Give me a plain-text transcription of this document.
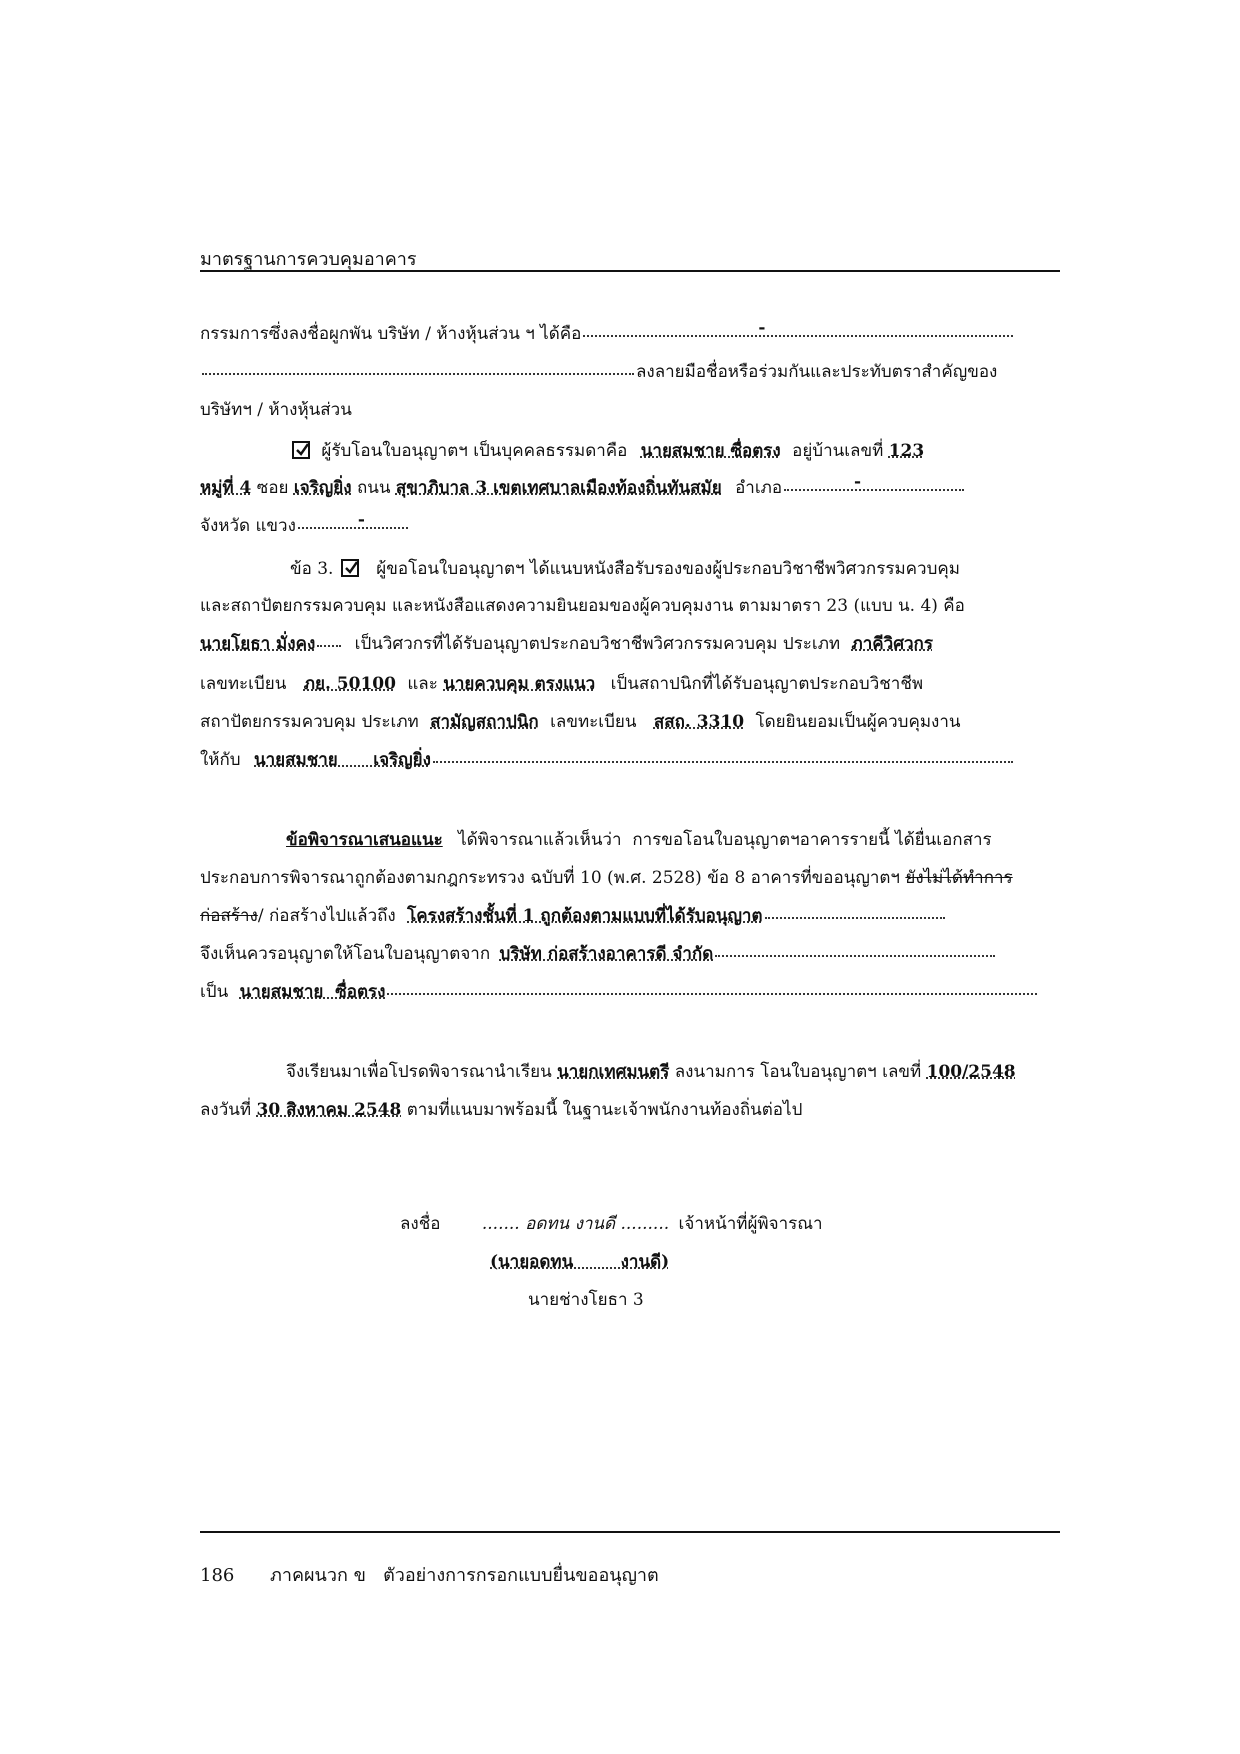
มาตรฐานการควบคุมอาคาร
กรรมการซึ่งลงชื่อผูกพัน บริษัท / ห้างหุ้นส่วน ฯ ได้คือ	-
ลงลายมือชื่อหรือร่วมกันและประทับตราสำคัญของ
บริษัทฯ / ห้างหุ้นส่วน
ผู้รับโอนใบอนุญาตฯ เป็นบุคคลธรรมดาคือ นายสมชาย ซื่อตรง อยู่บ้านเลขที่ 123
หมู่ที่ 4 ซอย เจริญยิ่ง ถนน สุขาภิบาล 3 เขตเทศบาลเมืองท้องถิ่นทันสมัย อำเภอ	-
จังหวัด แขวง	-
ข้อ 3.	ผู้ขอโอนใบอนุญาตฯ ได้แนบหนังสือรับรองของผู้ประกอบวิชาชีพวิศวกรรมควบคุม
และสถาปัตยกรรมควบคุม และหนังสือแสดงความยินยอมของผู้ควบคุมงาน ตามมาตรา 23 (แบบ น. 4) คือ
นายโยธา มั่งคง เป็นวิศวกรที่ได้รับอนุญาตประกอบวิชาชีพวิศวกรรมควบคุม ประเภท ภาคีวิศวกร
เลขทะเบียน ภย. 50100 และ นายควบคุม ตรงแนว เป็นสถาปนิกที่ได้รับอนุญาตประกอบวิชาชีพ
สถาปัตยกรรมควบคุม ประเภท สามัญสถาปนิก เลขทะเบียน สสถ. 3310 โดยยินยอมเป็นผู้ควบคุมงาน
ให้กับ นายสมชาย      เจริญยิ่ง
ข้อพิจารณาเสนอแนะ ได้พิจารณาแล้วเห็นว่า  การขอโอนใบอนุญาตฯอาคารรายนี้ ได้ยื่นเอกสาร
ประกอบการพิจารณาถูกต้องตามกฎกระทรวง ฉบับที่ 10 (พ.ศ. 2528) ข้อ 8 อาคารที่ขออนุญาตฯ ยังไม่ได้ทำการ
ก่อสร้าง/ ก่อสร้างไปแล้วถึง โครงสร้างชั้นที่ 1 ถูกต้องตามแบบที่ได้รับอนุญาต
จึงเห็นควรอนุญาตให้โอนใบอนุญาตจาก บริษัท ก่อสร้างอาคารดี จำกัด
เป็น นายสมชาย  ซื่อตรง
จึงเรียนมาเพื่อโปรดพิจารณานำเรียน นายกเทศมนตรี ลงนามการ โอนใบอนุญาตฯ เลขที่ 100/2548
ลงวันที่ 30 สิงหาคม 2548 ตามที่แนบมาพร้อมนี้ ในฐานะเจ้าพนักงานท้องถิ่นต่อไป
ลงชื่อ ....... อดทน งานดี ......... เจ้าหน้าที่ผู้พิจารณา
(นายอดทน        งานดี)
นายช่างโยธา 3
186 ภาคผนวก ข   ตัวอย่างการกรอกแบบยื่นขออนุญาต
